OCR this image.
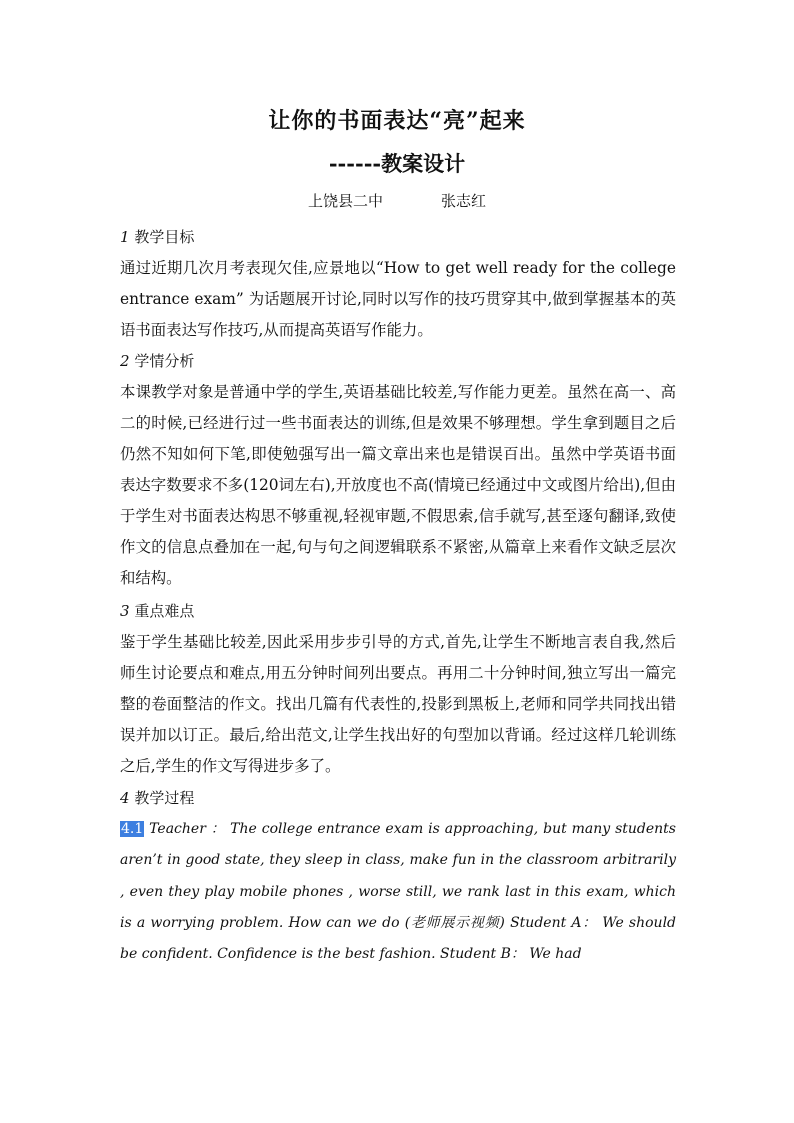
让你的书面表达“亮”起来
------教案设计
上饶县二中	张志红
1 教学目标
通过近期几次月考表现欠佳,应景地以“How to get well ready for the college entrance exam” 为话题展开讨论,同时以写作的技巧贯穿其中,做到掌握基本的英语书面表达写作技巧,从而提高英语写作能力。
2 学情分析
本课教学对象是普通中学的学生,英语基础比较差,写作能力更差。虽然在高一、高二的时候,已经进行过一些书面表达的训练,但是效果不够理想。学生拿到题目之后仍然不知如何下笔,即使勉强写出一篇文章出来也是错误百出。虽然中学英语书面表达字数要求不多(120词左右),开放度也不高(情境已经通过中文或图片给出),但由于学生对书面表达构思不够重视,轻视审题,不假思索,信手就写,甚至逐句翻译,致使作文的信息点叠加在一起,句与句之间逻辑联系不紧密,从篇章上来看作文缺乏层次和结构。
3 重点难点
鉴于学生基础比较差,因此采用步步引导的方式,首先,让学生不断地言表自我,然后师生讨论要点和难点,用五分钟时间列出要点。再用二十分钟时间,独立写出一篇完整的卷面整洁的作文。找出几篇有代表性的,投影到黑板上,老师和同学共同找出错误并加以订正。最后,给出范文,让学生找出好的句型加以背诵。经过这样几轮训练之后,学生的作文写得进步多了。
4 教学过程
4.1 Teacher ： The college entrance exam is approaching, but many students aren’t in good state, they sleep in class, make fun in the classroom arbitrarily , even they play mobile phones , worse still, we rank last in this exam, which is a worrying problem. How can we do (老师展示视频) Student A： We should be confident. Confidence is the best fashion. Student B： We had
